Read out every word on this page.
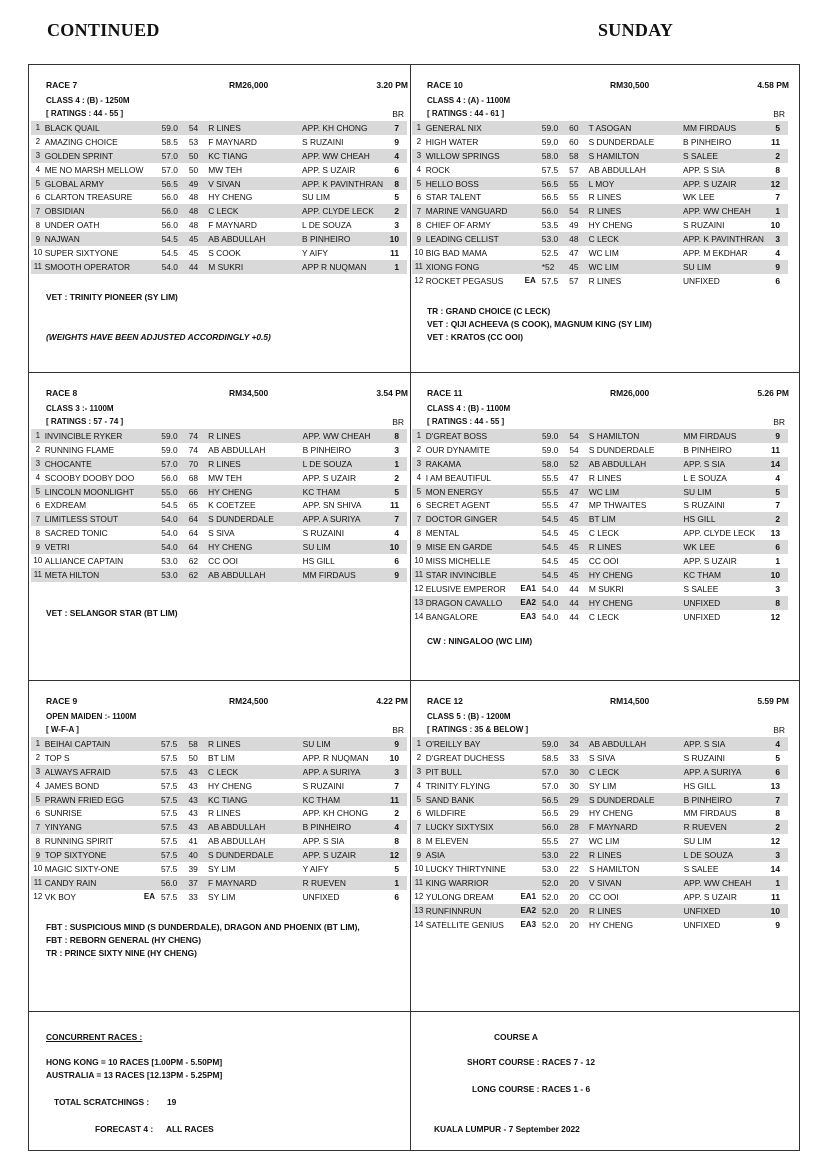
CONTINUED	SUNDAY
CONCURRENT RACES :
HONG KONG = 10 RACES [1.00PM - 5.50PM]
AUSTRALIA = 13 RACES [12.13PM - 5.25PM]
TOTAL SCRATCHINGS : 19
FORECAST 4 : ALL RACES
COURSE A
SHORT COURSE : RACES 7 - 12
LONG COURSE : RACES 1 - 6
KUALA LUMPUR - 7 September 2022
RACE 7	RM26,000	3.20 PM
CLASS 4 : (B) - 1250M
[ RATINGS : 44 - 55 ]	BR
1	BLACK QUAIL	59.0	54	R LINES	APP. KH CHONG	7
2	AMAZING CHOICE	58.5	53	F MAYNARD	S RUZAINI	9
3	GOLDEN SPRINT	57.0	50	KC TIANG	APP. WW CHEAH	4
4	ME NO MARSH MELLOW	57.0	50	MW TEH	APP. S UZAIR	6
5	GLOBAL ARMY	56.5	49	V SIVAN	APP. K PAVINTHRAN	8
6	CLARTON TREASURE	56.0	48	HY CHENG	SU LIM	5
7	OBSIDIAN	56.0	48	C LECK	APP. CLYDE LECK	2
8	UNDER OATH	56.0	48	F MAYNARD	L DE SOUZA	3
9	NAJWAN	54.5	45	AB ABDULLAH	B PINHEIRO	10
10	SUPER SIXTYONE	54.5	45	S COOK	Y AIFY	11
11	SMOOTH OPERATOR	54.0	44	M SUKRI	APP R NUQMAN	1
VET : TRINITY PIONEER (SY LIM)
(WEIGHTS HAVE BEEN ADJUSTED ACCORDINGLY +0.5)
RACE 10	RM30,500	4.58 PM
CLASS 4 : (A) - 1100M
[ RATINGS : 44 - 61 ]	BR
1	GENERAL NIX	59.0	60	T ASOGAN	MM FIRDAUS	5
2	HIGH WATER	59.0	60	S DUNDERDALE	B PINHEIRO	11
3	WILLOW SPRINGS	58.0	58	S HAMILTON	S SALEE	2
4	ROCK	57.5	57	AB ABDULLAH	APP. S SIA	8
5	HELLO BOSS	56.5	55	L MOY	APP. S UZAIR	12
6	STAR TALENT	56.5	55	R LINES	WK LEE	7
7	MARINE VANGUARD	56.0	54	R LINES	APP. WW CHEAH	1
8	CHIEF OF ARMY	53.5	49	HY CHENG	S RUZAINI	10
9	LEADING CELLIST	53.0	48	C LECK	APP. K PAVINTHRAN	3
10	BIG BAD MAMA	52.5	47	WC LIM	APP. M EKDHAR	4
11	XIONG FONG	*52	45	WC LIM	SU LIM	9
12	ROCKET PEGASUS EA	57.5	57	R LINES	UNFIXED	6
TR : GRAND CHOICE (C LECK)
VET : QIJI ACHEEVA (S COOK), MAGNUM KING (SY LIM)
VET : KRATOS (CC OOI)
RACE 8	RM34,500	3.54 PM
CLASS 3 :- 1100M
[ RATINGS : 57 - 74 ]	BR
1	INVINCIBLE RYKER	59.0	74	R LINES	APP. WW CHEAH	8
2	RUNNING FLAME	59.0	74	AB ABDULLAH	B PINHEIRO	3
3	CHOCANTE	57.0	70	R LINES	L DE SOUZA	1
4	SCOOBY DOOBY DOO	56.0	68	MW TEH	APP. S UZAIR	2
5	LINCOLN MOONLIGHT	55.0	66	HY CHENG	KC THAM	5
6	EXDREAM	54.5	65	K COETZEE	APP. SN SHIVA	11
7	LIMITLESS STOUT	54.0	64	S DUNDERDALE	APP. A SURIYA	7
8	SACRED TONIC	54.0	64	S SIVA	S RUZAINI	4
9	VETRI	54.0	64	HY CHENG	SU LIM	10
10	ALLIANCE CAPTAIN	53.0	62	CC OOI	HS GILL	6
11	META HILTON	53.0	62	AB ABDULLAH	MM FIRDAUS	9
VET : SELANGOR STAR (BT LIM)
RACE 11	RM26,000	5.26 PM
CLASS 4 : (B) - 1100M
[ RATINGS : 44 - 55 ]	BR
1	D'GREAT BOSS	59.0	54	S HAMILTON	MM FIRDAUS	9
2	OUR DYNAMITE	59.0	54	S DUNDERDALE	B PINHEIRO	11
3	RAKAMA	58.0	52	AB ABDULLAH	APP. S SIA	14
4	I AM BEAUTIFUL	55.5	47	R LINES	L E SOUZA	4
5	MON ENERGY	55.5	47	WC LIM	SU LIM	5
6	SECRET AGENT	55.5	47	MP THWAITES	S RUZAINI	7
7	DOCTOR GINGER	54.5	45	BT LIM	HS GILL	2
8	MENTAL	54.5	45	C LECK	APP. CLYDE LECK	13
9	MISE EN GARDE	54.5	45	R LINES	WK LEE	6
10	MISS MICHELLE	54.5	45	CC OOI	APP. S UZAIR	1
11	STAR INVINCIBLE	54.5	45	HY CHENG	KC THAM	10
12	ELUSIVE EMPEROR EA1	54.0	44	M SUKRI	S SALEE	3
13	DRAGON CAVALLO EA2	54.0	44	HY CHENG	UNFIXED	8
14	BANGALORE EA3	54.0	44	C LECK	UNFIXED	12
CW : NINGALOO (WC LIM)
RACE 9	RM24,500	4.22 PM
OPEN MAIDEN :- 1100M
[ W-F-A ]	BR
1	BEIHAI CAPTAIN	57.5	58	R LINES	SU LIM	9
2	TOP S	57.5	50	BT LIM	APP. R NUQMAN	10
3	ALWAYS AFRAID	57.5	43	C LECK	APP. A SURIYA	3
4	JAMES BOND	57.5	43	HY CHENG	S RUZAINI	7
5	PRAWN FRIED EGG	57.5	43	KC TIANG	KC THAM	11
6	SUNRISE	57.5	43	R LINES	APP. KH CHONG	2
7	YINYANG	57.5	43	AB ABDULLAH	B PINHEIRO	4
8	RUNNING SPIRIT	57.5	41	AB ABDULLAH	APP. S SIA	8
9	TOP SIXTYONE	57.5	40	S DUNDERDALE	APP. S UZAIR	12
10	MAGIC SIXTY-ONE	57.5	39	SY LIM	Y AIFY	5
11	CANDY RAIN	56.0	37	F MAYNARD	R RUEVEN	1
12	VK BOY EA	57.5	33	SY LIM	UNFIXED	6
FBT : SUSPICIOUS MIND (S DUNDERDALE), DRAGON AND PHOENIX (BT LIM),
FBT : REBORN GENERAL (HY CHENG)
TR : PRINCE SIXTY NINE (HY CHENG)
RACE 12	RM14,500	5.59 PM
CLASS 5 : (B) - 1200M
[ RATINGS : 35 & BELOW ]	BR
1	O'REILLY BAY	59.0	34	AB ABDULLAH	APP. S SIA	4
2	D'GREAT DUCHESS	58.5	33	S SIVA	S RUZAINI	5
3	PIT BULL	57.0	30	C LECK	APP. A SURIYA	6
4	TRINITY FLYING	57.0	30	SY LIM	HS GILL	13
5	SAND BANK	56.5	29	S DUNDERDALE	B PINHEIRO	7
6	WILDFIRE	56.5	29	HY CHENG	MM FIRDAUS	8
7	LUCKY SIXTYSIX	56.0	28	F MAYNARD	R RUEVEN	2
8	M ELEVEN	55.5	27	WC LIM	SU LIM	12
9	ASIA	53.0	22	R LINES	L DE SOUZA	3
10	LUCKY THIRTYNINE	53.0	22	S HAMILTON	S SALEE	14
11	KING WARRIOR	52.0	20	V SIVAN	APP. WW CHEAH	1
12	YULONG DREAM EA1	52.0	20	CC OOI	APP. S UZAIR	11
13	RUNFINNRUN EA2	52.0	20	R LINES	UNFIXED	10
14	SATELLITE GENIUS EA3	52.0	20	HY CHENG	UNFIXED	9
